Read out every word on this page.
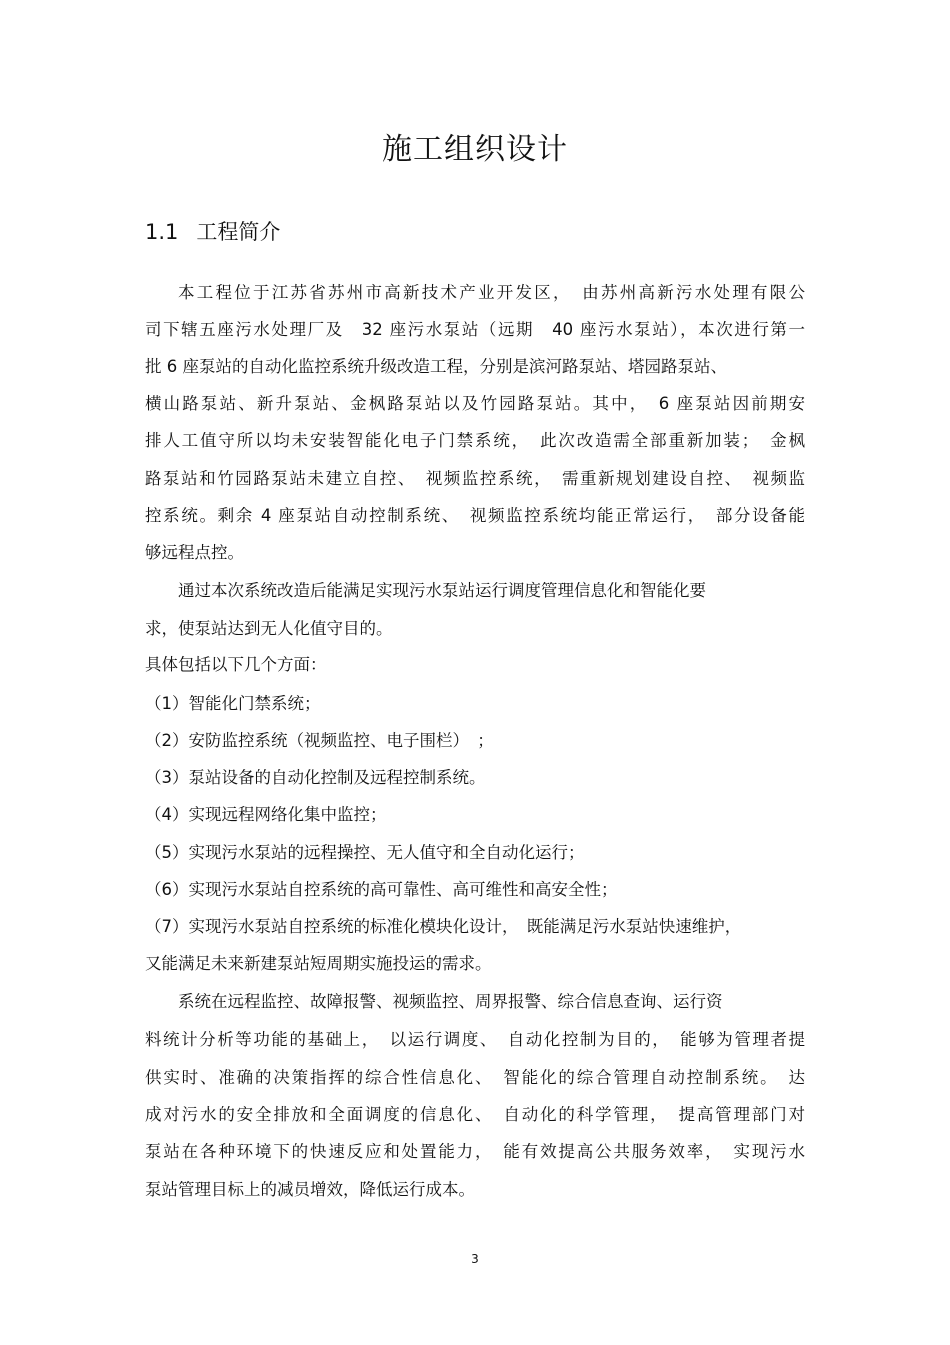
施工组织设计
1.1 工程简介
本工程位于江苏省苏州市高新技术产业开发区，　由苏州高新污水处理有限公
司下辖五座污水处理厂及　32 座污水泵站（远期　40 座污水泵站），本次进行第一
批 6 座泵站的自动化监控系统升级改造工程，分别是滨河路泵站、塔园路泵站、
横山路泵站、新升泵站、金枫路泵站以及竹园路泵站。其中，　6 座泵站因前期安
排人工值守所以均未安装智能化电子门禁系统，　此次改造需全部重新加装；　金枫
路泵站和竹园路泵站未建立自控、　视频监控系统，　需重新规划建设自控、　视频监
控系统。剩余 4 座泵站自动控制系统、　视频监控系统均能正常运行，　部分设备能
够远程点控。
通过本次系统改造后能满足实现污水泵站运行调度管理信息化和智能化要
求，使泵站达到无人化值守目的。
具体包括以下几个方面：
（1）智能化门禁系统；
（2）安防监控系统（视频监控、电子围栏）　；
（3）泵站设备的自动化控制及远程控制系统。
（4）实现远程网络化集中监控；
（5）实现污水泵站的远程操控、无人值守和全自动化运行；
（6）实现污水泵站自控系统的高可靠性、高可维性和高安全性；
（7）实现污水泵站自控系统的标准化模块化设计，　既能满足污水泵站快速维护，
又能满足未来新建泵站短周期实施投运的需求。
系统在远程监控、故障报警、视频监控、周界报警、综合信息查询、运行资
料统计分析等功能的基础上，　以运行调度、　自动化控制为目的，　能够为管理者提
供实时、准确的决策指挥的综合性信息化、　智能化的综合管理自动控制系统。　达
成对污水的安全排放和全面调度的信息化、　自动化的科学管理，　提高管理部门对
泵站在各种环境下的快速反应和处置能力，　能有效提高公共服务效率，　实现污水
泵站管理目标上的减员增效，降低运行成本。
3
